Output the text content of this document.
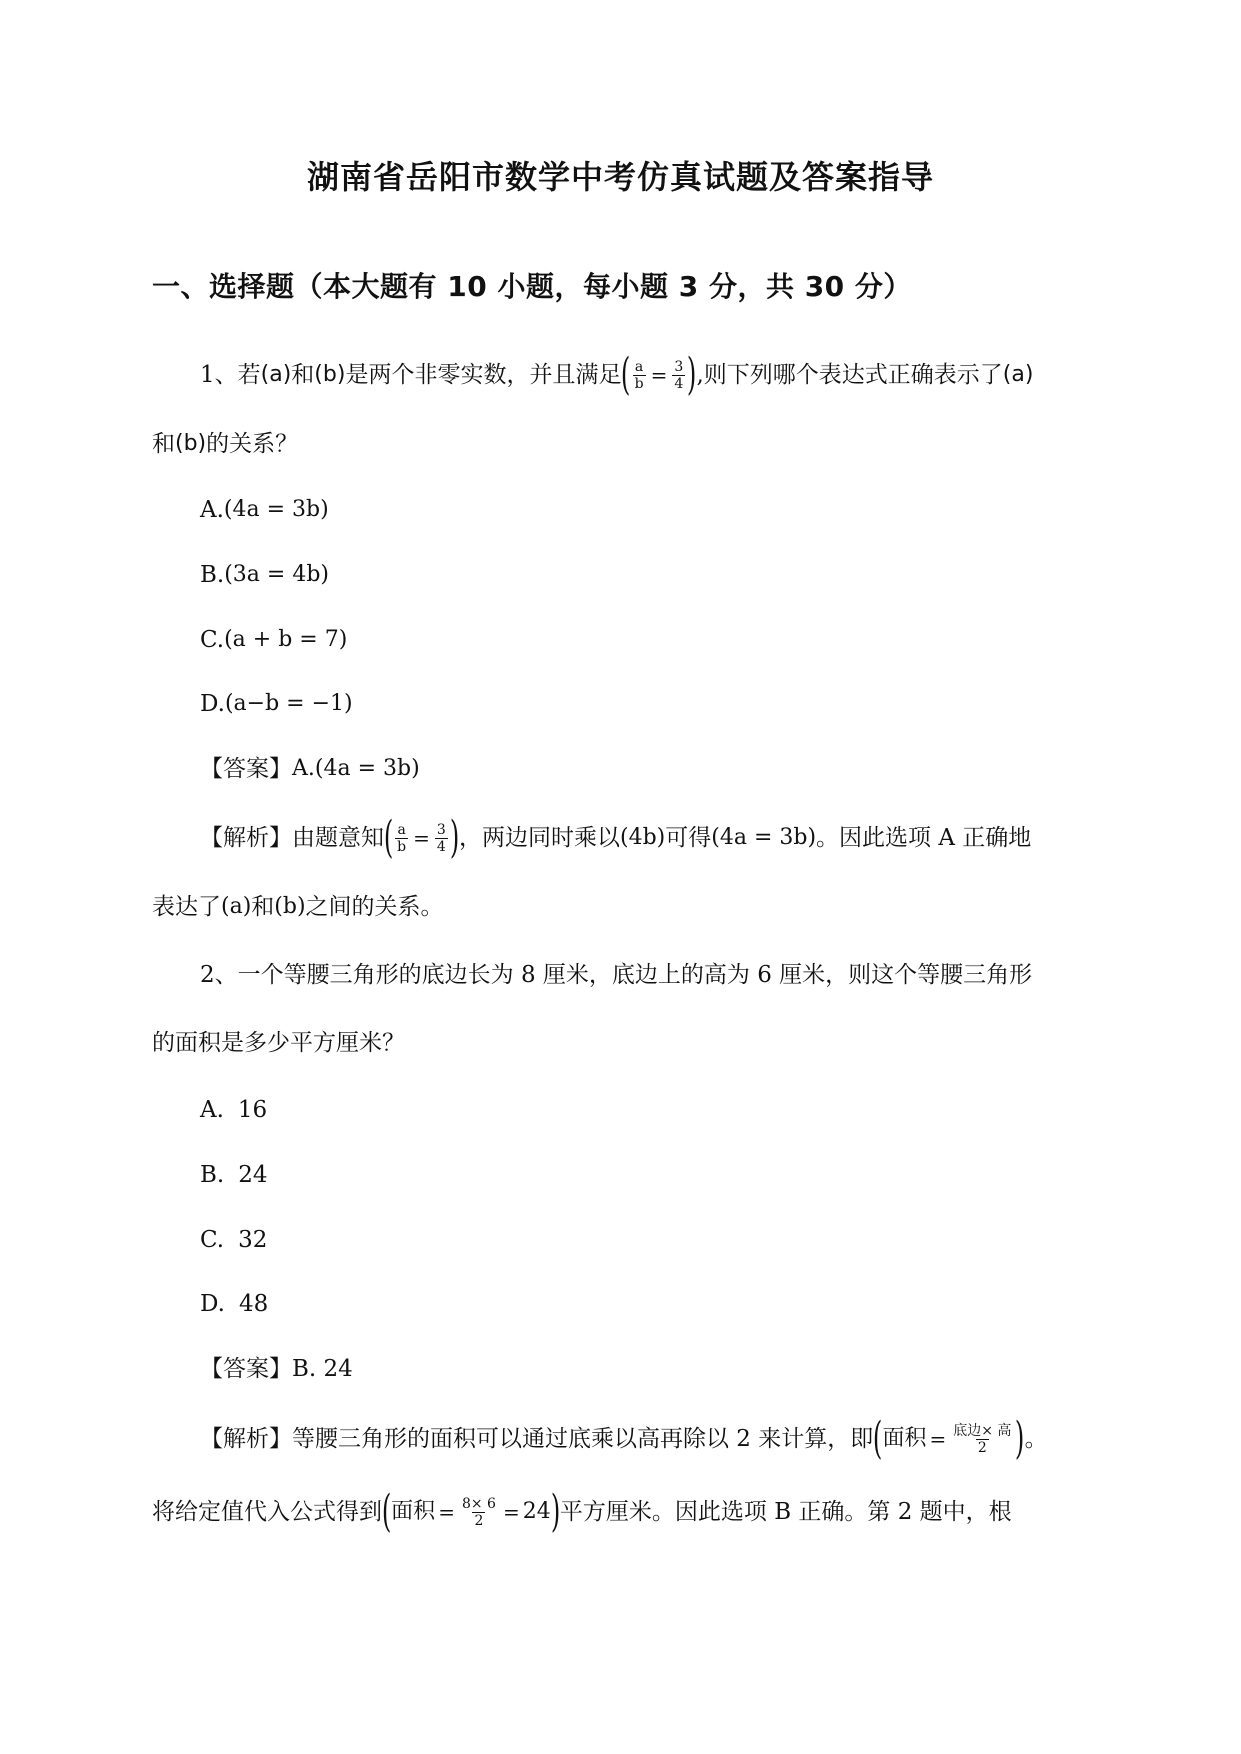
湖南省岳阳市数学中考仿真试题及答案指导
一、选择题（本大题有 10 小题，每小题 3 分，共 30 分）
1、若 (a) 和 (b) 是两个非零实数，并且满足 ( $\frac{a}{b} = \frac{3}{4}$ ) ,则下列哪个表达式正确表示了 (a)
和 (b) 的关系？
A. (4a = 3b)
B. (3a = 4b)
C. (a + b = 7)
D. (a−b = −1)
【答案】 A.(4a = 3b)
【解析】 由题意知 ( $\frac{a}{b} = \frac{3}{4}$ ) ，两边同时乘以 (4b) 可得 (4a = 3b) 。因此选项 A 正确地
表达了 (a) 和 (b) 之间的关系。
2、一个等腰三角形的底边长为 8 厘米，底边上的高为 6 厘米，则这个等腰三角形
的面积是多少平方厘米？
A. 16
B. 24
C. 32
D. 48
【答案】 B. 24
【解析】 等腰三角形的面积可以通过底乘以高再除以 2 来计算，即 ( 面积 = $\frac{\text{底边× 高}}{2}$ ) 。
将给定值代入公式得到 ( 面积 = $\frac{8\times 6}{2} = 24$ ) 平方厘米。因此选项 B 正确。第 2 题中，根
